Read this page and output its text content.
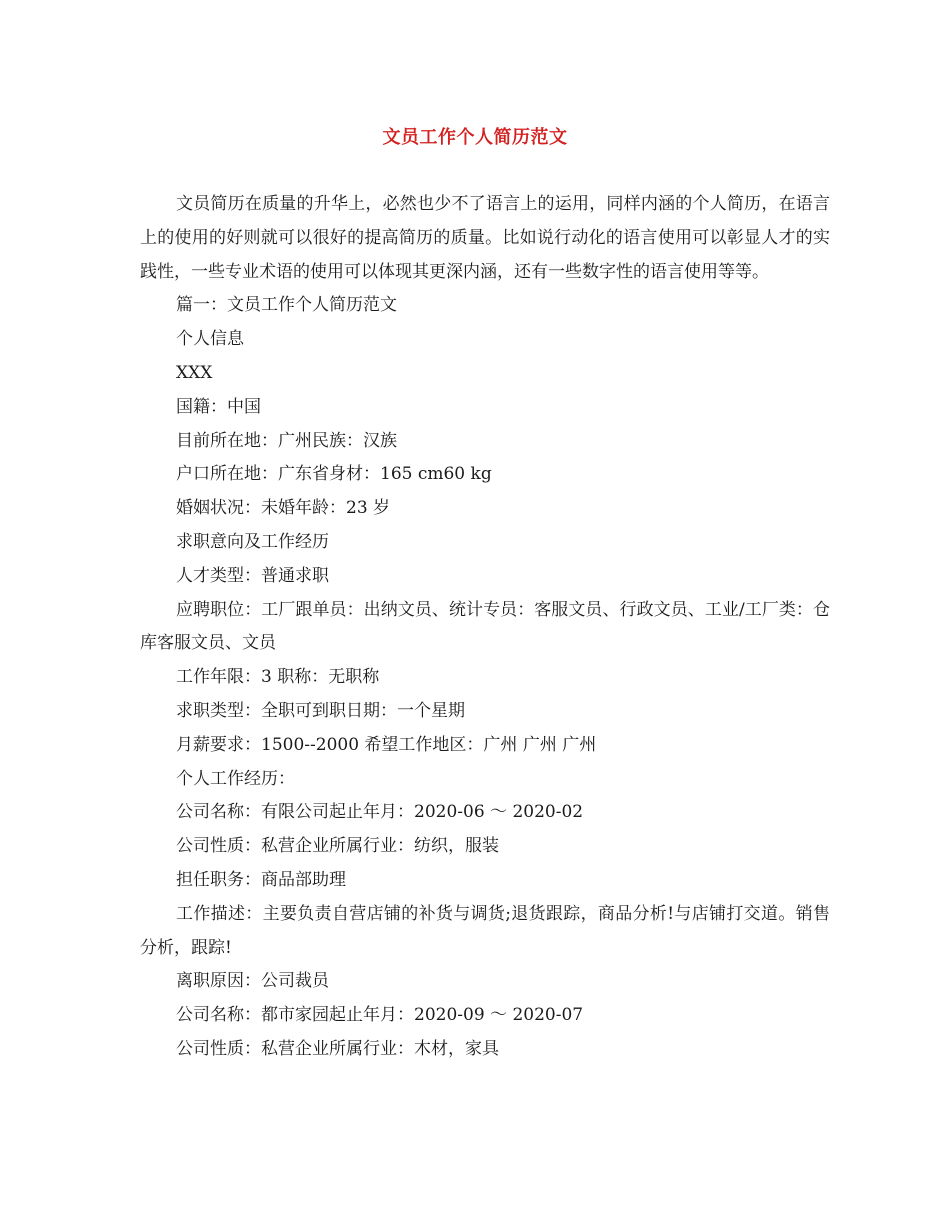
文员工作个人简历范文

文员简历在质量的升华上，必然也少不了语言上的运用，同样内涵的个人简历，在语言上的使用的好则就可以很好的提高简历的质量。比如说行动化的语言使用可以彰显人才的实践性，一些专业术语的使用可以体现其更深内涵，还有一些数字性的语言使用等等。

篇一：文员工作个人简历范文

个人信息

XXX

国籍：中国

目前所在地：广州民族：汉族

户口所在地：广东省身材：165 cm60 kg

婚姻状况：未婚年龄：23 岁

求职意向及工作经历

人才类型：普通求职

应聘职位：工厂跟单员：出纳文员、统计专员：客服文员、行政文员、工业/工厂类：仓库客服文员、文员

工作年限：3 职称：无职称

求职类型：全职可到职日期：一个星期

月薪要求：1500--2000 希望工作地区：广州 广州 广州

个人工作经历：

公司名称：有限公司起止年月：2020-06 ～ 2020-02

公司性质：私营企业所属行业：纺织，服装

担任职务：商品部助理

工作描述：主要负责自营店铺的补货与调货;退货跟踪，商品分析!与店铺打交道。销售分析，跟踪!

离职原因：公司裁员

公司名称：都市家园起止年月：2020-09 ～ 2020-07

公司性质：私营企业所属行业：木材，家具
